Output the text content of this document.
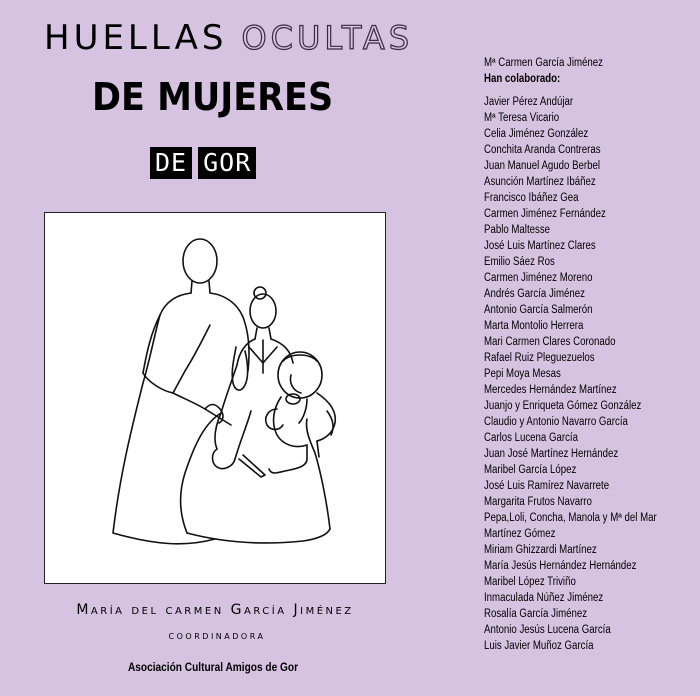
HUELLAS OCULTAS
DE MUJERES
DE GOR
María del carmen García Jiménez
COORDINADORA
Asociación Cultural Amigos de Gor
Mª Carmen García Jiménez
Han colaborado:
Javier Pérez Andújar
Mª Teresa Vicario
Celia Jiménez González
Conchita Aranda Contreras
Juan Manuel Agudo Berbel
Asunción Martínez Ibáñez
Francisco Ibáñez Gea
Carmen Jiménez Fernández
Pablo Maltesse
José Luis Martínez Clares
Emilio Sáez Ros
Carmen Jiménez Moreno
Andrés García Jiménez
Antonio García Salmerón
Marta Montolio Herrera
Mari Carmen Clares Coronado
Rafael Ruiz Pleguezuelos
Pepi Moya Mesas
Mercedes Hernández Martínez
Juanjo y Enriqueta Gómez González
Claudio y Antonio Navarro García
Carlos Lucena García
Juan José Martínez Hernández
Maribel García López
José Luis Ramírez Navarrete
Margarita Frutos Navarro
Pepa,Loli, Concha, Manola y Mª del Mar Martínez Gómez
Miriam Ghizzardi Martínez
María Jesús Hernández Hernández
Maribel López Triviño
Inmaculada Núñez Jiménez
Rosalía García Jiménez
Antonio Jesús Lucena García
Luis Javier Muñoz García
